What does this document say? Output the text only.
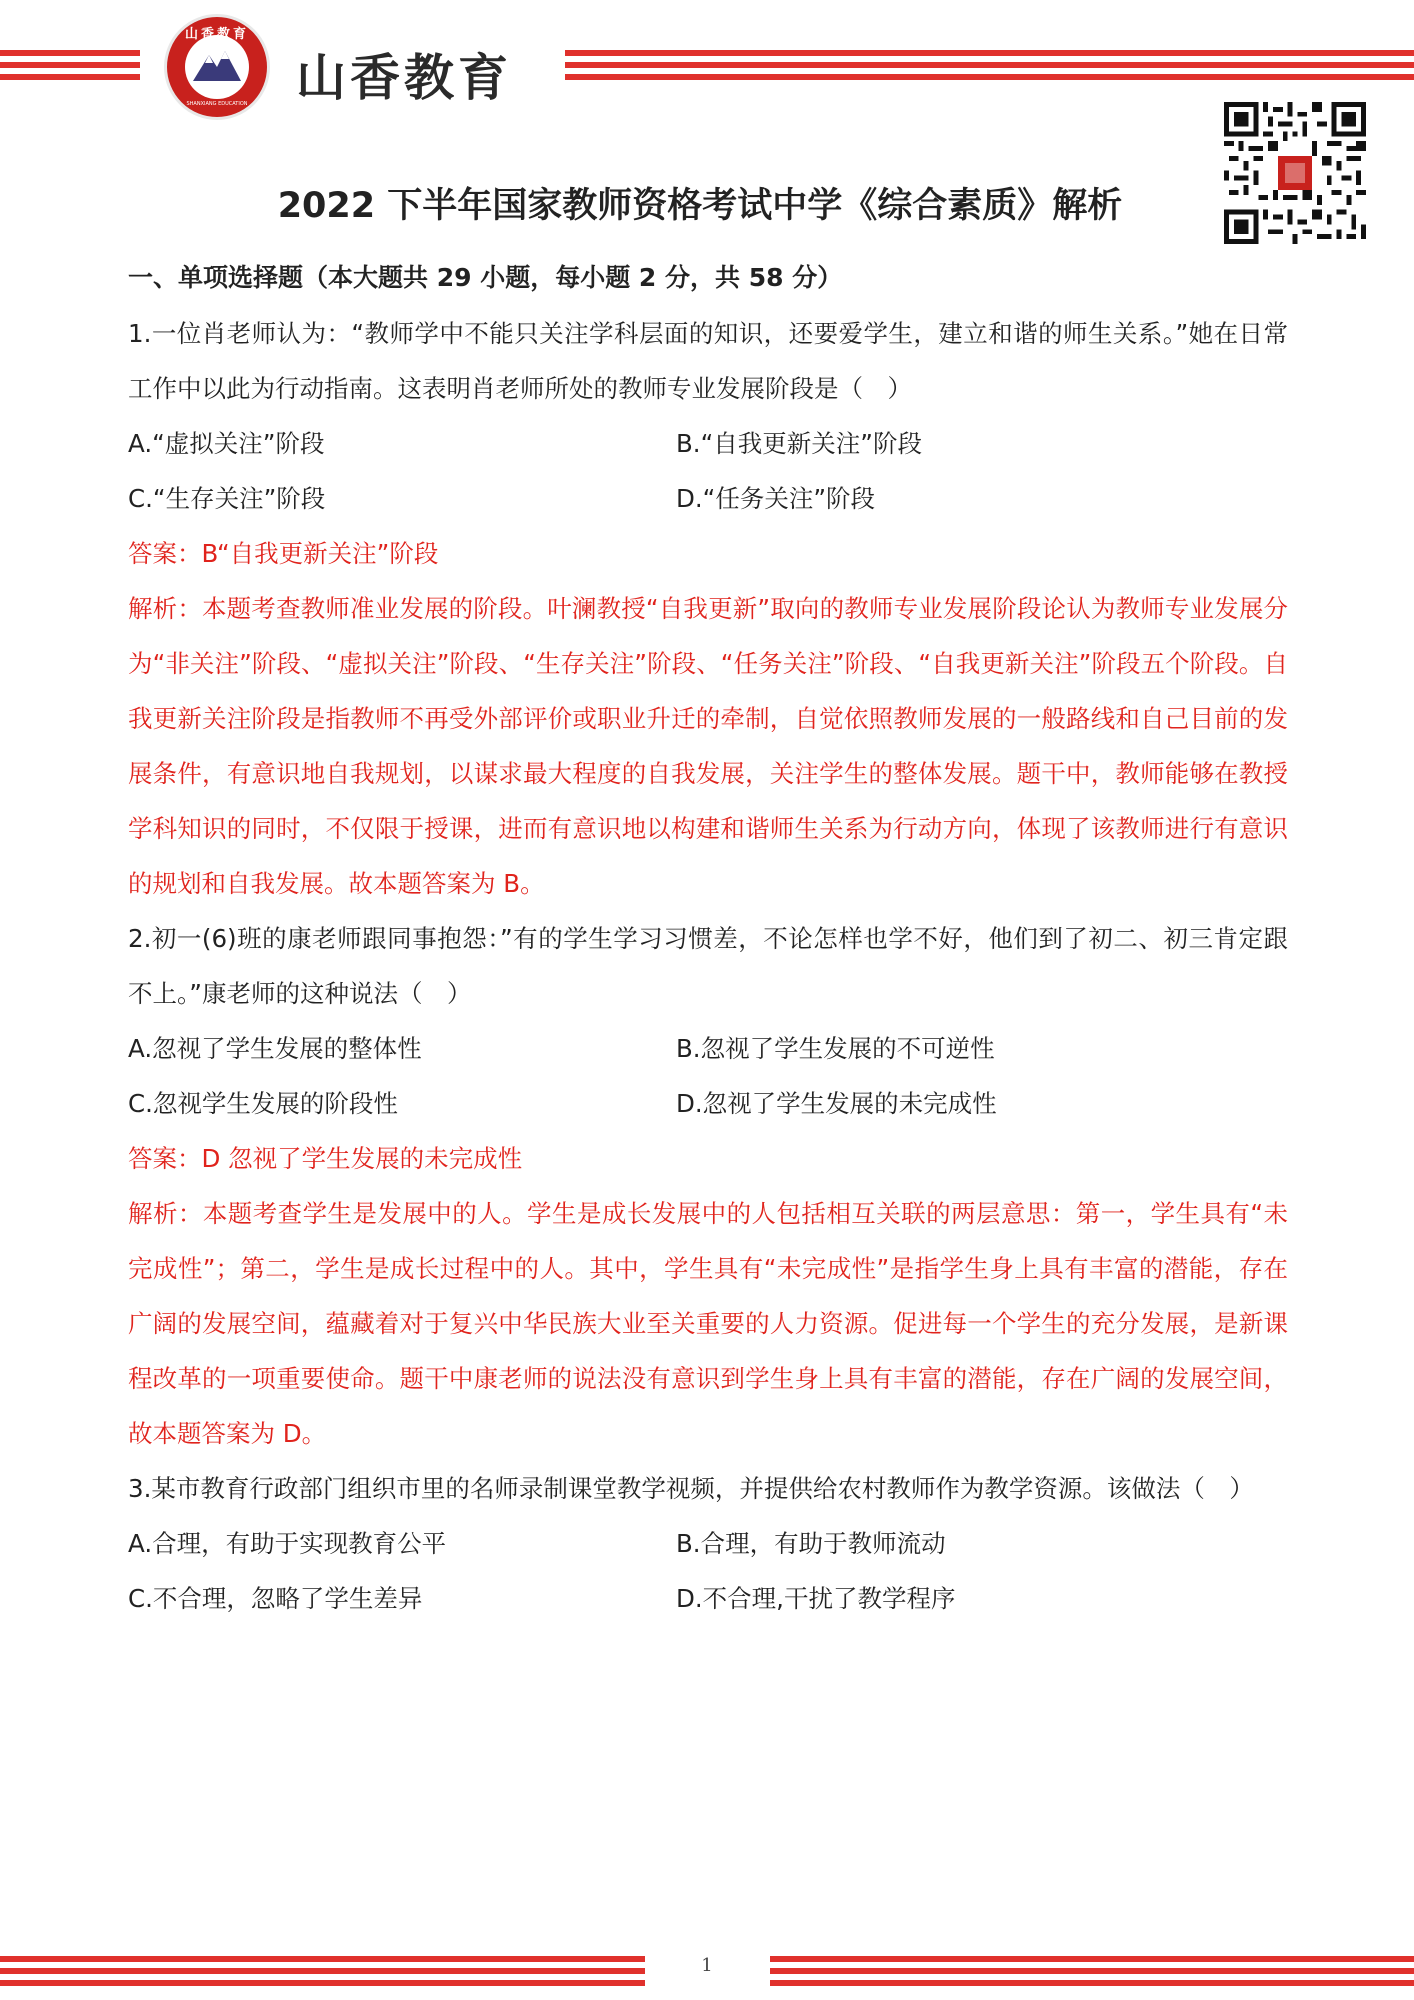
山香教育
SHANXIANG EDUCATION 山香教育
2022 下半年国家教师资格考试中学《综合素质》解析
一、单项选择题（本大题共 29 小题，每小题 2 分，共 58 分）

1.一位肖老师认为：“教师学中不能只关注学科层面的知识，还要爱学生，建立和谐的师生关系。”她在日常工作中以此为行动指南。这表明肖老师所处的教师专业发展阶段是（　）

A.“虚拟关注”阶段	B.“自我更新关注”阶段
C.“生存关注”阶段	D.“任务关注”阶段

答案：B“自我更新关注”阶段

解析：本题考查教师准业发展的阶段。叶澜教授“自我更新”取向的教师专业发展阶段论认为教师专业发展分为“非关注”阶段、“虚拟关注”阶段、“生存关注”阶段、“任务关注”阶段、“自我更新关注”阶段五个阶段。自我更新关注阶段是指教师不再受外部评价或职业升迁的牵制，自觉依照教师发展的一般路线和自己目前的发展条件，有意识地自我规划，以谋求最大程度的自我发展，关注学生的整体发展。题干中，教师能够在教授学科知识的同时，不仅限于授课，进而有意识地以构建和谐师生关系为行动方向，体现了该教师进行有意识的规划和自我发展。故本题答案为 B。

2.初一(6)班的康老师跟同事抱怨：”有的学生学习习惯差，不论怎样也学不好，他们到了初二、初三肯定跟不上。”康老师的这种说法（　）

A.忽视了学生发展的整体性	B.忽视了学生发展的不可逆性
C.忽视学生发展的阶段性	D.忽视了学生发展的未完成性

答案：D 忽视了学生发展的未完成性

解析：本题考查学生是发展中的人。学生是成长发展中的人包括相互关联的两层意思：第一，学生具有“未完成性”；第二，学生是成长过程中的人。其中，学生具有“未完成性”是指学生身上具有丰富的潜能，存在广阔的发展空间，蕴藏着对于复兴中华民族大业至关重要的人力资源。促进每一个学生的充分发展，是新课程改革的一项重要使命。题干中康老师的说法没有意识到学生身上具有丰富的潜能，存在广阔的发展空间，故本题答案为 D。

3.某市教育行政部门组织市里的名师录制课堂教学视频，并提供给农村教师作为教学资源。该做法（　）

A.合理，有助于实现教育公平	B.合理，有助于教师流动
C.不合理，忽略了学生差异	D.不合理,干扰了教学程序
1
